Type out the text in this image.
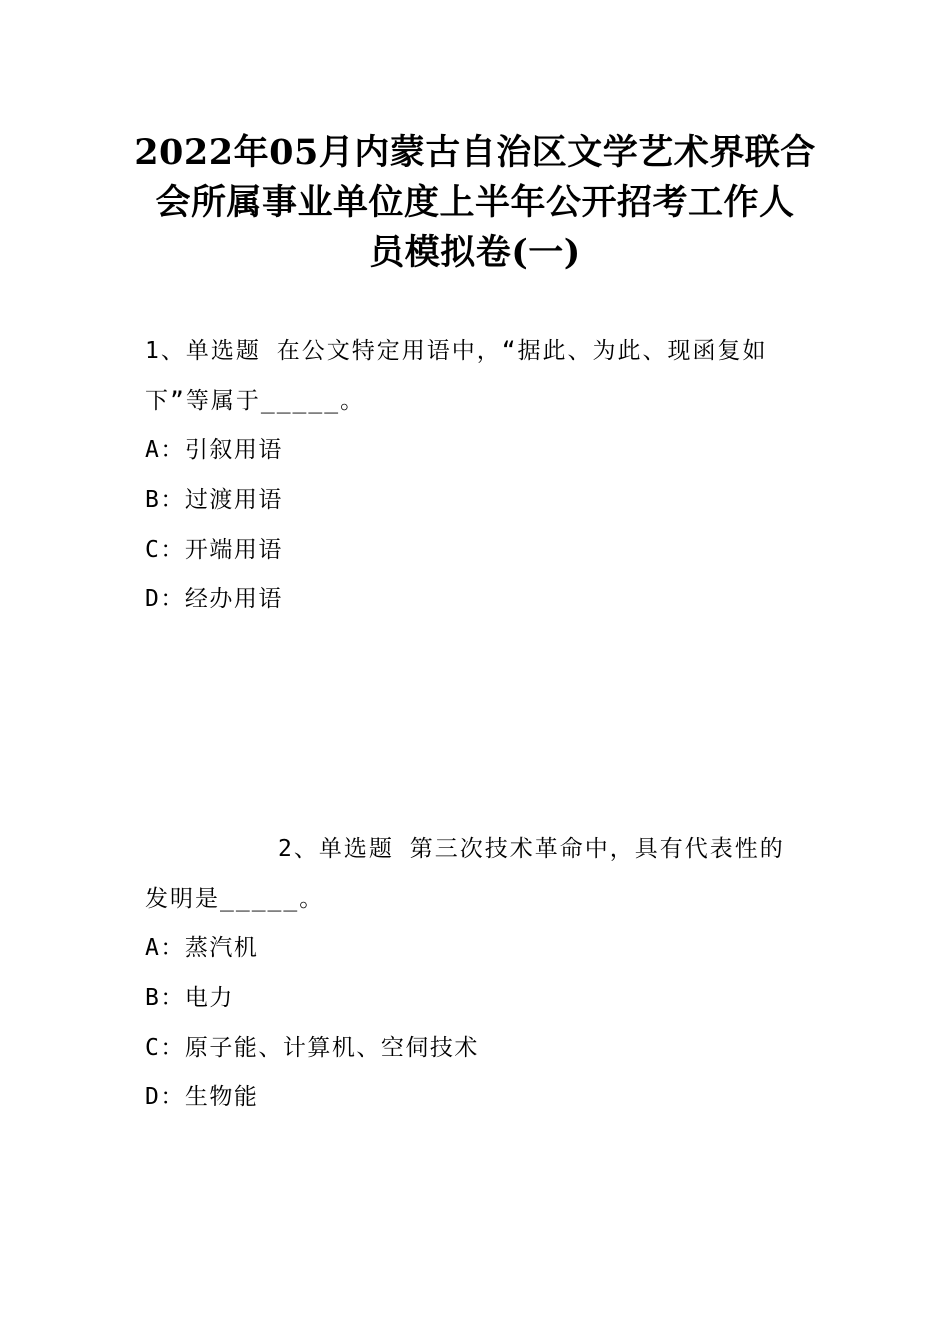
2022年05月内蒙古自治区文学艺术界联合
会所属事业单位度上半年公开招考工作人
员模拟卷(一)
1、单选题 在公文特定用语中，“据此、为此、现函复如
下”等属于_____。
A：引叙用语
B：过渡用语
C：开端用语
D：经办用语
2、单选题 第三次技术革命中，具有代表性的
发明是_____。
A：蒸汽机
B：电力
C：原子能、计算机、空伺技术
D：生物能
